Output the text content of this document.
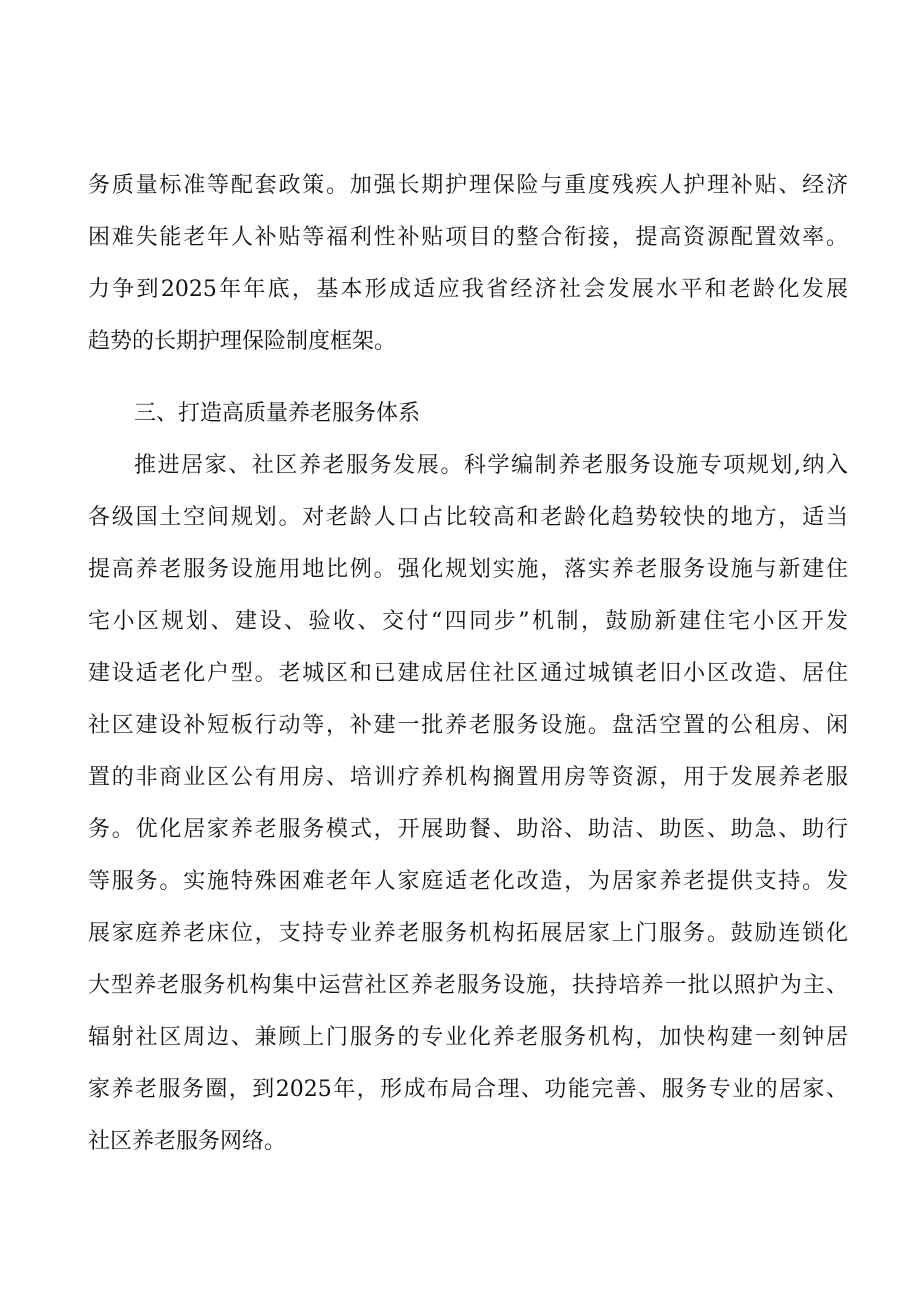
务质量标准等配套政策。加强长期护理保险与重度残疾人护理补贴、经济
困难失能老年人补贴等福利性补贴项目的整合衔接，提高资源配置效率。
力争到2025年年底，基本形成适应我省经济社会发展水平和老龄化发展
趋势的长期护理保险制度框架。
三、打造高质量养老服务体系
推进居家、社区养老服务发展。科学编制养老服务设施专项规划,纳入
各级国土空间规划。对老龄人口占比较高和老龄化趋势较快的地方，适当
提高养老服务设施用地比例。强化规划实施，落实养老服务设施与新建住
宅小区规划、建设、验收、交付“四同步”机制，鼓励新建住宅小区开发
建设适老化户型。老城区和已建成居住社区通过城镇老旧小区改造、居住
社区建设补短板行动等，补建一批养老服务设施。盘活空置的公租房、闲
置的非商业区公有用房、培训疗养机构搁置用房等资源，用于发展养老服
务。优化居家养老服务模式，开展助餐、助浴、助洁、助医、助急、助行
等服务。实施特殊困难老年人家庭适老化改造，为居家养老提供支持。发
展家庭养老床位，支持专业养老服务机构拓展居家上门服务。鼓励连锁化
大型养老服务机构集中运营社区养老服务设施，扶持培养一批以照护为主、
辐射社区周边、兼顾上门服务的专业化养老服务机构，加快构建一刻钟居
家养老服务圈，到2025年，形成布局合理、功能完善、服务专业的居家、
社区养老服务网络。
